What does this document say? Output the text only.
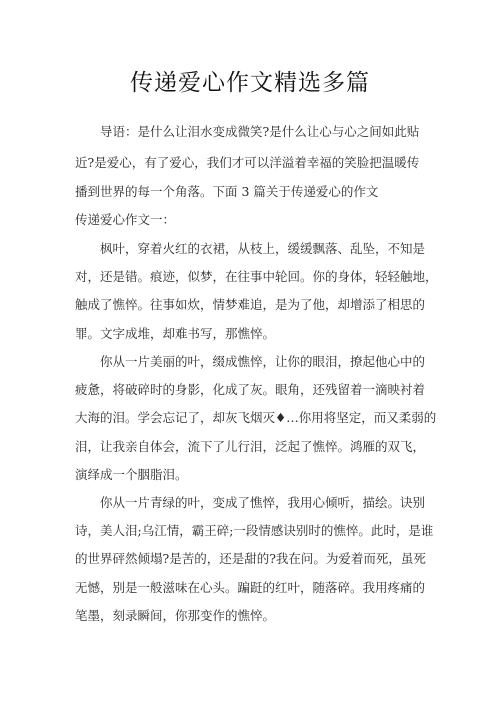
传递爱心作文精选多篇
导语：是什么让泪水变成微笑?是什么让心与心之间如此贴
近?是爱心，有了爱心，我们才可以洋溢着幸福的笑脸把温暖传
播到世界的每一个角落。下面 3 篇关于传递爱心的作文
传递爱心作文一：
枫叶，穿着火红的衣裙，从枝上，缓缓飘落、乱坠，不知是
对，还是错。痕迹，似梦，在往事中轮回。你的身体，轻轻触地，
触成了憔悴。往事如炊，情梦难追，是为了他，却增添了相思的
罪。文字成堆，却难书写，那憔悴。
你从一片美丽的叶，缀成憔悴，让你的眼泪，撩起他心中的
疲惫，将破碎时的身影，化成了灰。眼角，还残留着一滴映衬着
大海的泪。学会忘记了，却灰飞烟灭♦…你用将坚定，而又柔弱的
泪，让我亲自体会，流下了儿行泪，泛起了憔悴。鸿雁的双飞，
演绎成一个胭脂泪。
你从一片青绿的叶，变成了憔悴，我用心倾听，描绘。诀别
诗，美人泪;乌江情，霸王碎;一段情感诀别时的憔悴。此时，是谁
的世界砰然倾塌?是苦的，还是甜的?我在问。为爱着而死，虽死
无憾，别是一般滋味在心头。蹁跹的红叶，随落碎。我用疼痛的
笔墨，刻录瞬间，你那变作的憔悴。
